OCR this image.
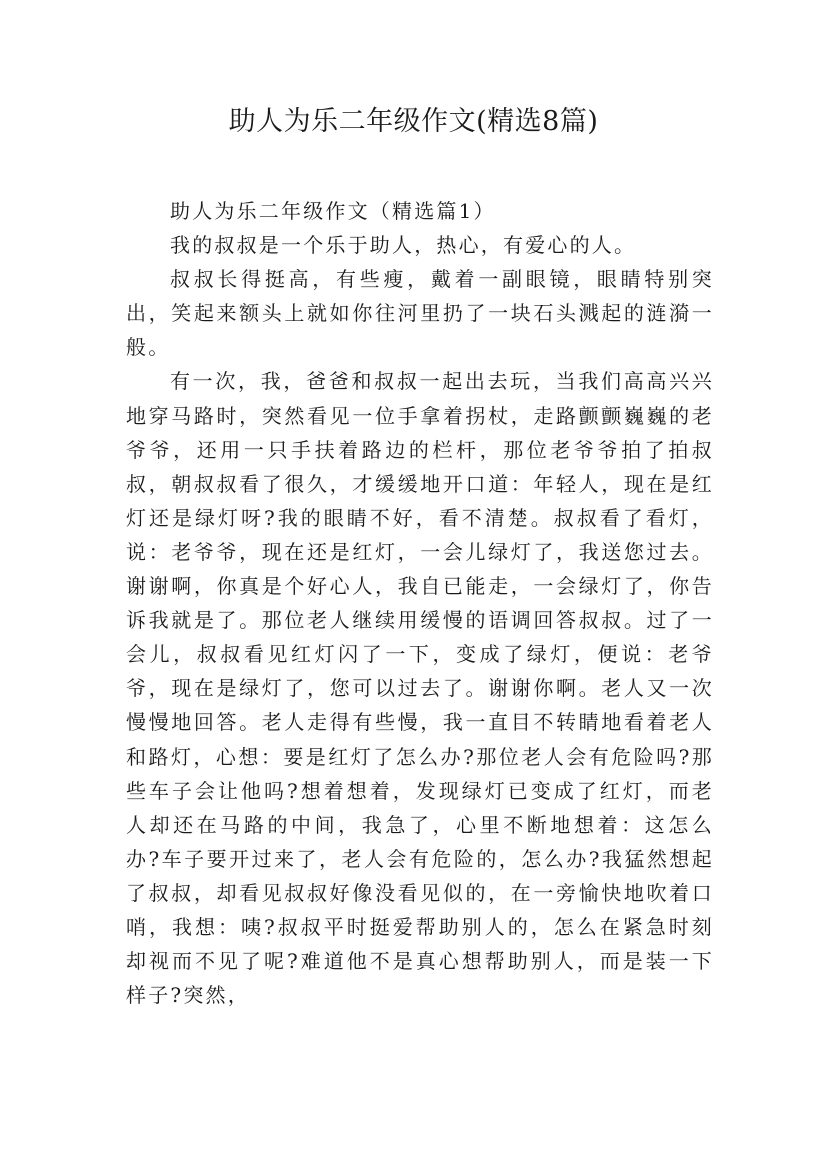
助人为乐二年级作文(精选8篇)

助人为乐二年级作文（精选篇1）

我的叔叔是一个乐于助人，热心，有爱心的人。

叔叔长得挺高，有些瘦，戴着一副眼镜，眼睛特别突出，笑起来额头上就如你往河里扔了一块石头溅起的涟漪一般。

有一次，我，爸爸和叔叔一起出去玩，当我们高高兴兴地穿马路时，突然看见一位手拿着拐杖，走路颤颤巍巍的老爷爷，还用一只手扶着路边的栏杆，那位老爷爷拍了拍叔叔，朝叔叔看了很久，才缓缓地开口道：年轻人，现在是红灯还是绿灯呀?我的眼睛不好，看不清楚。叔叔看了看灯，说：老爷爷，现在还是红灯，一会儿绿灯了，我送您过去。谢谢啊，你真是个好心人，我自已能走，一会绿灯了，你告诉我就是了。那位老人继续用缓慢的语调回答叔叔。过了一会儿，叔叔看见红灯闪了一下，变成了绿灯，便说：老爷爷，现在是绿灯了，您可以过去了。谢谢你啊。老人又一次慢慢地回答。老人走得有些慢，我一直目不转睛地看着老人和路灯，心想：要是红灯了怎么办?那位老人会有危险吗?那些车子会让他吗?想着想着，发现绿灯已变成了红灯，而老人却还在马路的中间，我急了，心里不断地想着：这怎么办?车子要开过来了，老人会有危险的，怎么办?我猛然想起了叔叔，却看见叔叔好像没看见似的，在一旁愉快地吹着口哨，我想：咦?叔叔平时挺爱帮助别人的，怎么在紧急时刻却视而不见了呢?难道他不是真心想帮助别人，而是装一下样子?突然，
